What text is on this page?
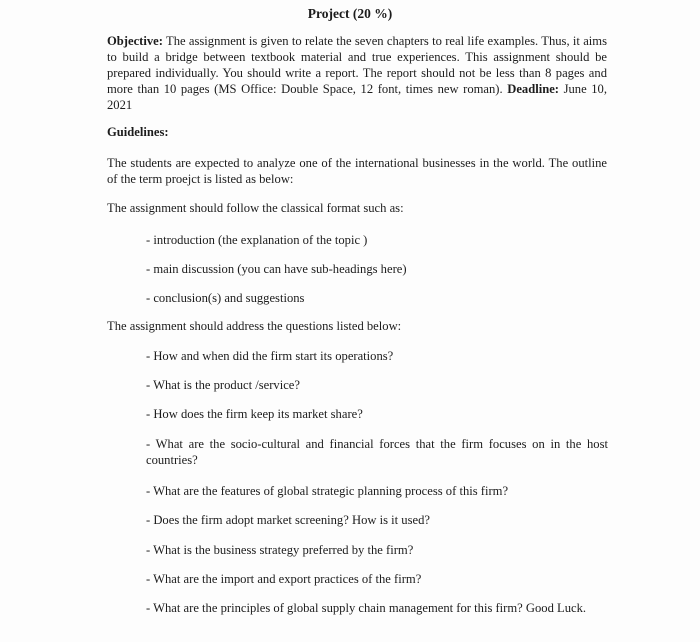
Project (20 %)
Objective: The assignment is given to relate the seven chapters to real life examples. Thus, it aims to build a bridge between textbook material and true experiences. This assignment should be prepared individually. You should write a report. The report should not be less than 8 pages and more than 10 pages (MS Office: Double Space, 12 font, times new roman). Deadline: June 10, 2021
Guidelines:
The students are expected to analyze one of the international businesses in the world. The outline of the term proejct is listed as below:
The assignment should follow the classical format such as:
- introduction (the explanation of the topic )
- main discussion (you can have sub-headings here)
- conclusion(s) and suggestions
The assignment should address the questions listed below:
- How and when did the firm start its operations?
- What is the product /service?
- How does the firm keep its market share?
- What are the socio-cultural and financial forces that the firm focuses on in the host countries?
- What are the features of global strategic planning process of this firm?
- Does the firm adopt market screening? How is it used?
- What is the business strategy preferred by the firm?
- What are the import and export practices of the firm?
- What are the principles of global supply chain management for this firm? Good Luck.
